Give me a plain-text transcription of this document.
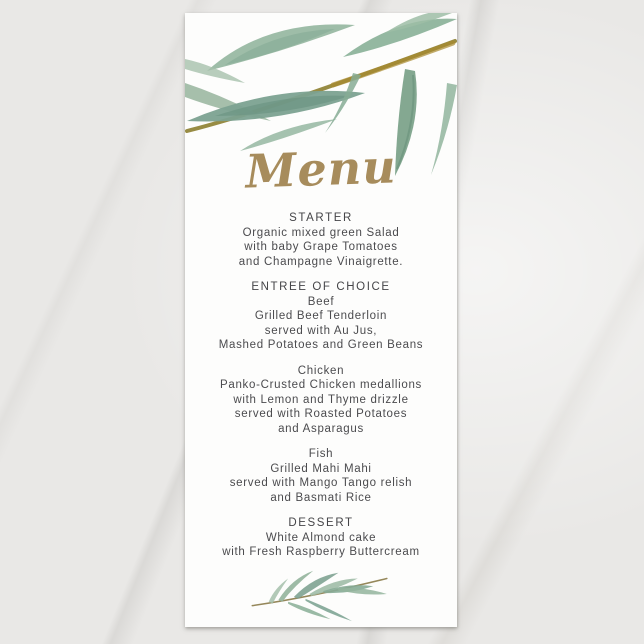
Menu
STARTER
Organic mixed green Salad
with baby Grape Tomatoes
and Champagne Vinaigrette.
ENTREE OF CHOICE
Beef
Grilled Beef Tenderloin
served with Au Jus,
Mashed Potatoes and Green Beans
Chicken
Panko-Crusted Chicken medallions
with Lemon and Thyme drizzle
served with Roasted Potatoes
and Asparagus
Fish
Grilled Mahi Mahi
served with Mango Tango relish
and Basmati Rice
DESSERT
White Almond cake
with Fresh Raspberry Buttercream
